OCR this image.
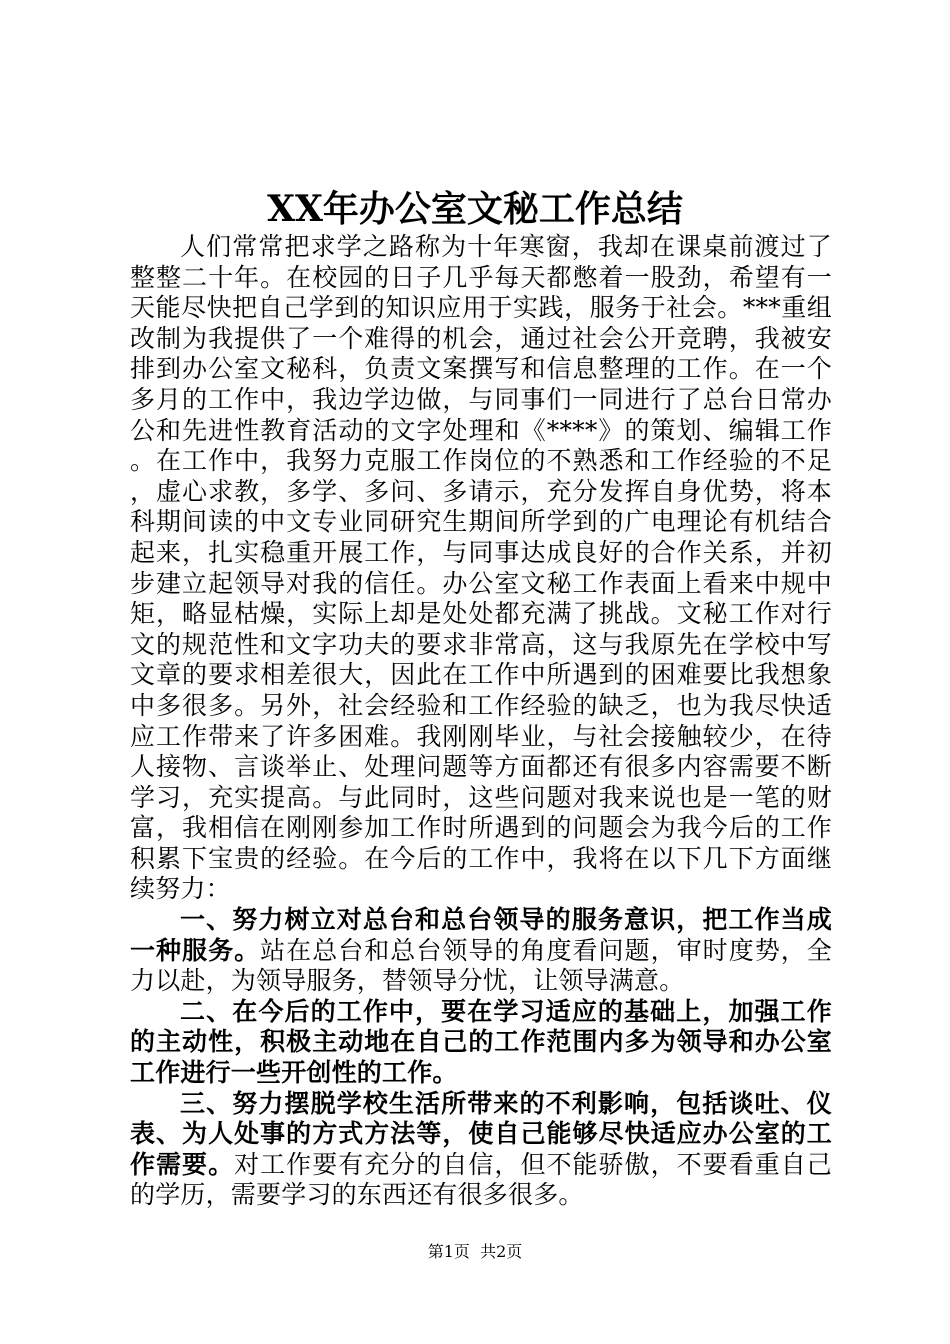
XX年办公室文秘工作总结

人们常常把求学之路称为十年寒窗，我却在课桌前渡过了整整二十年。在校园的日子几乎每天都憋着一股劲，希望有一天能尽快把自己学到的知识应用于实践，服务于社会。***重组改制为我提供了一个难得的机会，通过社会公开竞聘，我被安排到办公室文秘科，负责文案撰写和信息整理的工作。在一个多月的工作中，我边学边做，与同事们一同进行了总台日常办公和先进性教育活动的文字处理和《****》的策划、编辑工作。在工作中，我努力克服工作岗位的不熟悉和工作经验的不足，虚心求教，多学、多问、多请示，充分发挥自身优势，将本科期间读的中文专业同研究生期间所学到的广电理论有机结合起来，扎实稳重开展工作，与同事达成良好的合作关系，并初步建立起领导对我的信任。办公室文秘工作表面上看来中规中矩，略显枯燥，实际上却是处处都充满了挑战。文秘工作对行文的规范性和文字功夫的要求非常高，这与我原先在学校中写文章的要求相差很大，因此在工作中所遇到的困难要比我想象中多很多。另外，社会经验和工作经验的缺乏，也为我尽快适应工作带来了许多困难。我刚刚毕业，与社会接触较少，在待人接物、言谈举止、处理问题等方面都还有很多内容需要不断学习，充实提高。与此同时，这些问题对我来说也是一笔的财富，我相信在刚刚参加工作时所遇到的问题会为我今后的工作积累下宝贵的经验。在今后的工作中，我将在以下几下方面继续努力：

一、努力树立对总台和总台领导的服务意识，把工作当成一种服务。站在总台和总台领导的角度看问题，审时度势，全力以赴，为领导服务，替领导分忧，让领导满意。

二、在今后的工作中，要在学习适应的基础上，加强工作的主动性，积极主动地在自己的工作范围内多为领导和办公室工作进行一些开创性的工作。

三、努力摆脱学校生活所带来的不利影响，包括谈吐、仪表、为人处事的方式方法等，使自己能够尽快适应办公室的工作需要。对工作要有充分的自信，但不能骄傲，不要看重自己的学历，需要学习的东西还有很多很多。

第1页 共2页
